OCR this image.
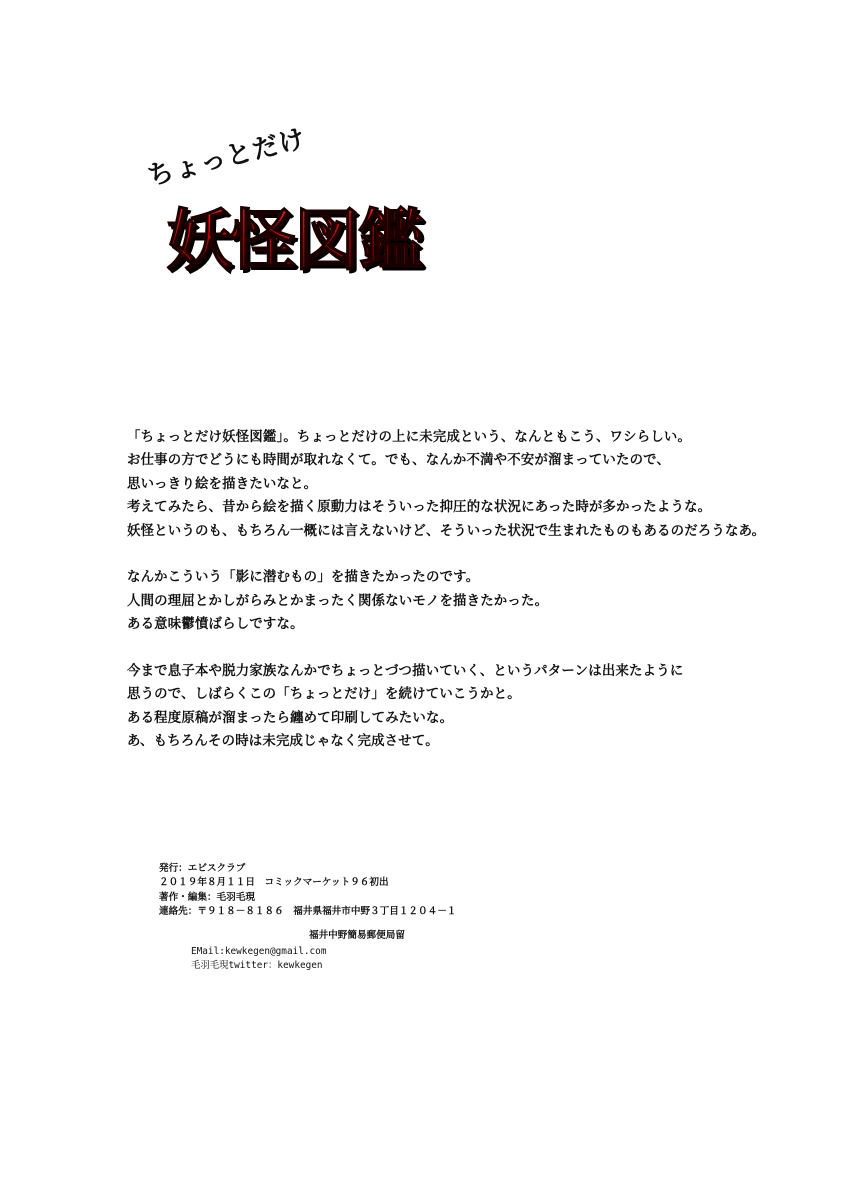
ちょっとだけ
妖怪図鑑
「ちょっとだけ妖怪図鑑」。ちょっとだけの上に未完成という、なんともこう、ワシらしい。
お仕事の方でどうにも時間が取れなくて。でも、なんか不満や不安が溜まっていたので、
思いっきり絵を描きたいなと。
考えてみたら、昔から絵を描く原動力はそういった抑圧的な状況にあった時が多かったような。
妖怪というのも、もちろん一概には言えないけど、そういった状況で生まれたものもあるのだろうなあ。
なんかこういう「影に潜むもの」を描きたかったのです。
人間の理屈とかしがらみとかまったく関係ないモノを描きたかった。
ある意味鬱憤ばらしですな。
今まで息子本や脱力家族なんかでちょっとづつ描いていく、というパターンは出来たように
思うので、しばらくこの「ちょっとだけ」を続けていこうかと。
ある程度原稿が溜まったら纏めて印刷してみたいな。
あ、もちろんその時は未完成じゃなく完成させて。
発行：エビスクラブ
２０１９年８月１１日　コミックマーケット９６初出
著作・編集：毛羽毛現
連絡先：〒９１８－８１８６　福井県福井市中野３丁目１２０４－１
福井中野簡易郵便局留
EMail:kewkegen@gmail.com
毛羽毛現twitter：kewkegen
